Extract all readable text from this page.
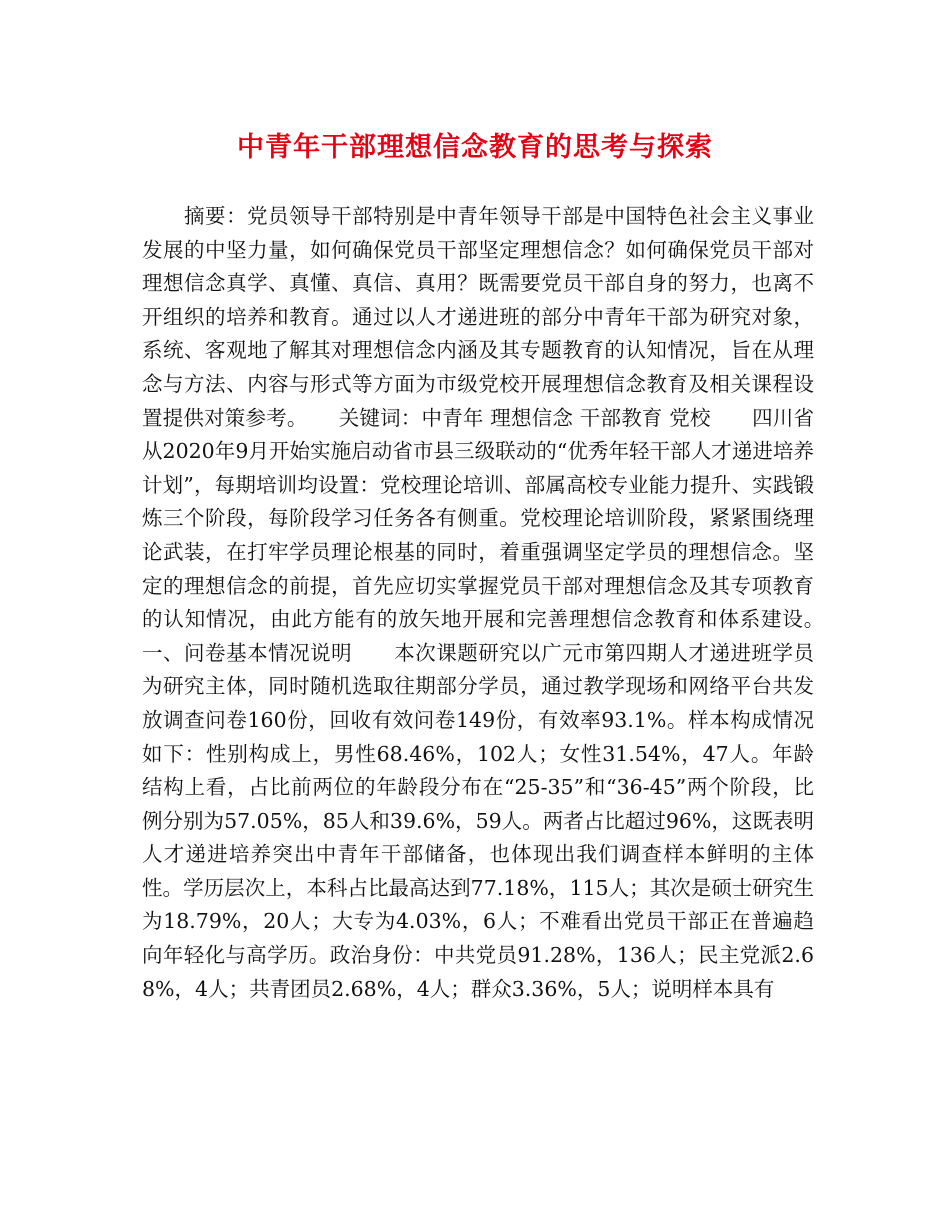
中青年干部理想信念教育的思考与探索
　　摘要：党员领导干部特别是中青年领导干部是中国特色社会主义事业发展的中坚力量，如何确保党员干部坚定理想信念？如何确保党员干部对理想信念真学、真懂、真信、真用？既需要党员干部自身的努力，也离不开组织的培养和教育。通过以人才递进班的部分中青年干部为研究对象，系统、客观地了解其对理想信念内涵及其专题教育的认知情况，旨在从理念与方法、内容与形式等方面为市级党校开展理想信念教育及相关课程设置提供对策参考。　　关键词：中青年 理想信念 干部教育 党校　　四川省从2020年9月开始实施启动省市县三级联动的“优秀年轻干部人才递进培养计划”，每期培训均设置：党校理论培训、部属高校专业能力提升、实践锻炼三个阶段，每阶段学习任务各有侧重。党校理论培训阶段，紧紧围绕理论武装，在打牢学员理论根基的同时，着重强调坚定学员的理想信念。坚定的理想信念的前提，首先应切实掌握党员干部对理想信念及其专项教育的认知情况，由此方能有的放矢地开展和完善理想信念教育和体系建设。　　一、问卷基本情况说明　　本次课题研究以广元市第四期人才递进班学员为研究主体，同时随机选取往期部分学员，通过教学现场和网络平台共发放调查问卷160份，回收有效问卷149份，有效率93.1%。样本构成情况如下：性别构成上，男性68.46%，102人；女性31.54%，47人。年龄结构上看，占比前两位的年龄段分布在“25-35”和“36-45”两个阶段，比例分别为57.05%，85人和39.6%，59人。两者占比超过96%，这既表明人才递进培养突出中青年干部储备，也体现出我们调查样本鲜明的主体性。学历层次上，本科占比最高达到77.18%，115人；其次是硕士研究生为18.79%，20人；大专为4.03%，6人；不难看出党员干部正在普遍趋向年轻化与高学历。政治身份：中共党员91.28%，136人；民主党派2.68%，4人；共青团员2.68%，4人；群众3.36%，5人；说明样本具有
